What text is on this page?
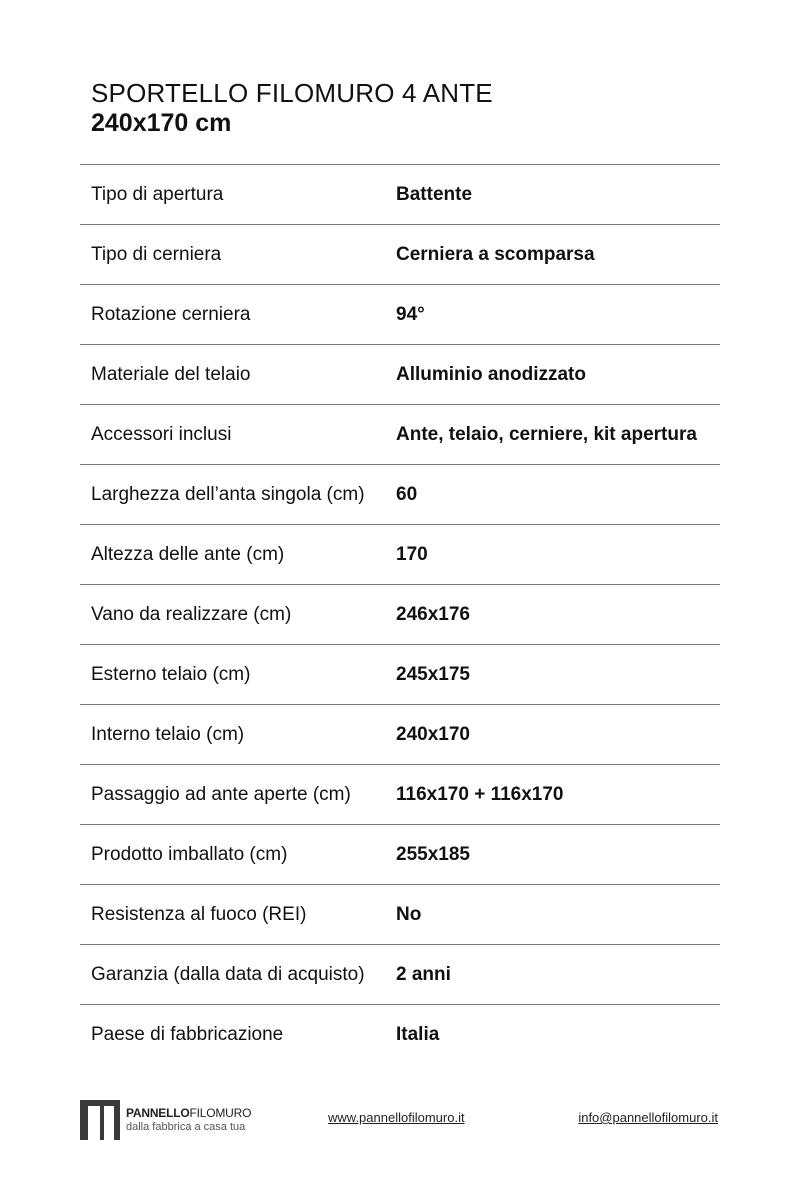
SPORTELLO FILOMURO 4 ANTE
240x170 cm
Tipo di apertura	Battente
Tipo di cerniera	Cerniera a scomparsa
Rotazione cerniera	94°
Materiale del telaio	Alluminio anodizzato
Accessori inclusi	Ante, telaio, cerniere, kit apertura
Larghezza dell’anta singola (cm)	60
Altezza delle ante (cm)	170
Vano da realizzare (cm)	246x176
Esterno telaio (cm)	245x175
Interno telaio (cm)	240x170
Passaggio ad ante aperte (cm)	116x170 + 116x170
Prodotto imballato (cm)	255x185
Resistenza al fuoco (REI)	No
Garanzia (dalla data di acquisto)	2 anni
Paese di fabbricazione	Italia
PANNELLOFILOMURO
dalla fabbrica a casa tua
www.pannellofilomuro.it	info@pannellofilomuro.it
